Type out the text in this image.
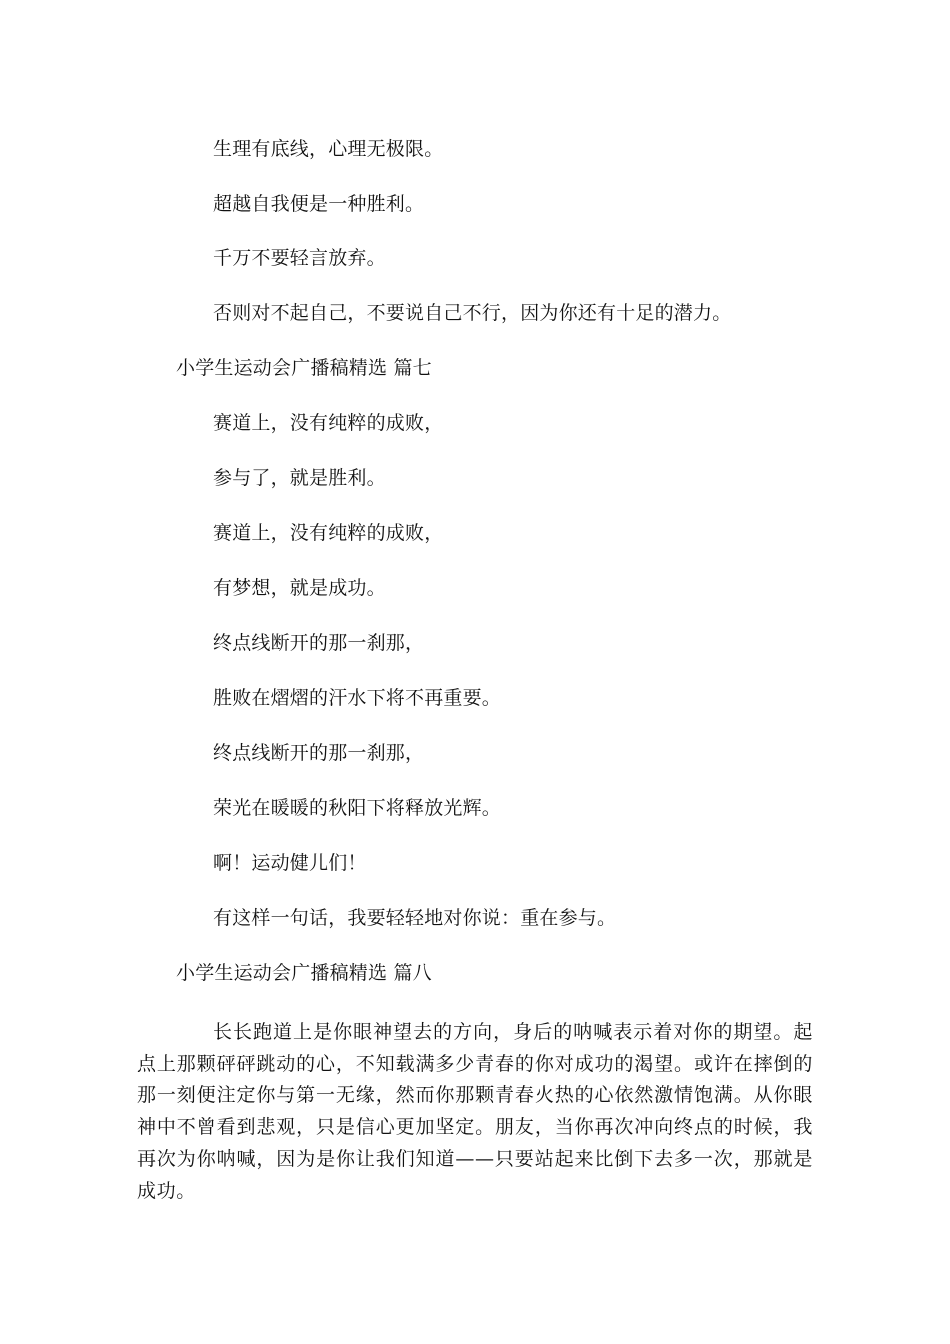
生理有底线，心理无极限。
超越自我便是一种胜利。
千万不要轻言放弃。
否则对不起自己，不要说自己不行，因为你还有十足的潜力。
小学生运动会广播稿精选 篇七
赛道上，没有纯粹的成败，
参与了，就是胜利。
赛道上，没有纯粹的成败，
有梦想，就是成功。
终点线断开的那一刹那，
胜败在熠熠的汗水下将不再重要。
终点线断开的那一刹那，
荣光在暖暖的秋阳下将释放光辉。
啊！运动健儿们！
有这样一句话，我要轻轻地对你说：重在参与。
小学生运动会广播稿精选 篇八
长长跑道上是你眼神望去的方向，身后的呐喊表示着对你的期望。起点上那颗砰砰跳动的心，不知载满多少青春的你对成功的渴望。或许在摔倒的那一刻便注定你与第一无缘，然而你那颗青春火热的心依然激情饱满。从你眼神中不曾看到悲观，只是信心更加坚定。朋友，当你再次冲向终点的时候，我再次为你呐喊，因为是你让我们知道——只要站起来比倒下去多一次，那就是成功。
